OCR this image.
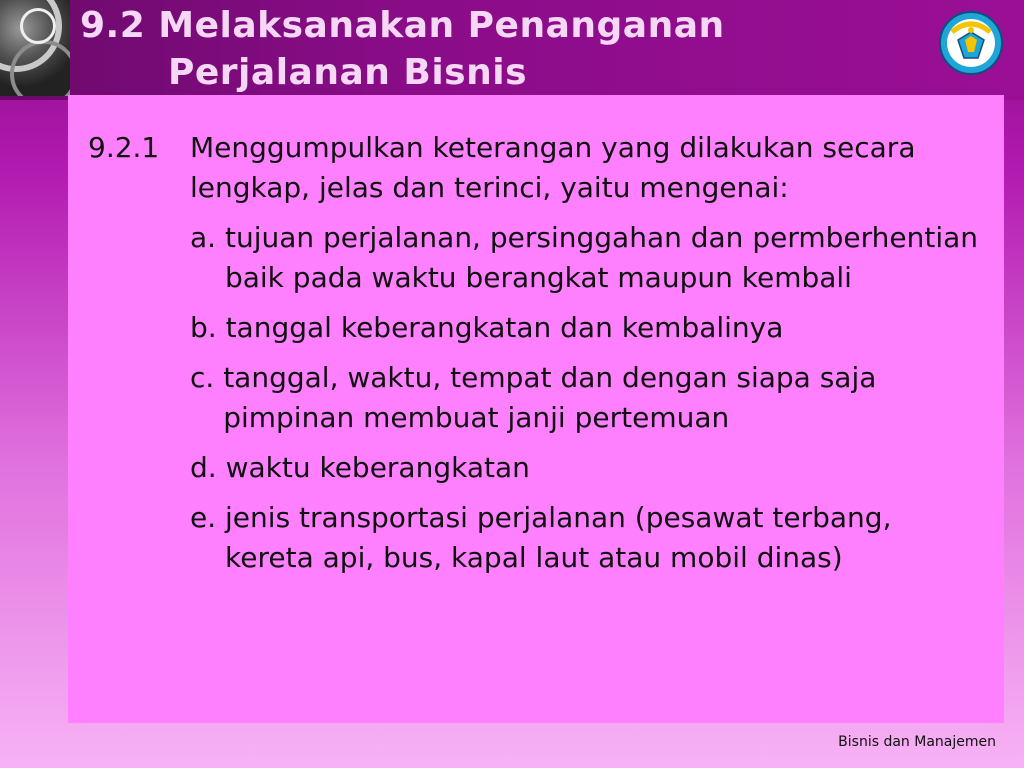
9.2 Melaksanakan Penanganan
Perjalanan Bisnis
9.2.1	Menggumpulkan keterangan yang dilakukan secara lengkap, jelas dan terinci, yaitu mengenai:
a. tujuan perjalanan, persinggahan dan permberhentian baik pada waktu berangkat maupun kembali
b. tanggal keberangkatan dan kembalinya
c. tanggal, waktu, tempat dan dengan siapa saja pimpinan membuat janji pertemuan
d. waktu keberangkatan
e. jenis transportasi perjalanan (pesawat terbang, kereta api, bus, kapal laut atau mobil dinas)
Bisnis dan Manajemen
